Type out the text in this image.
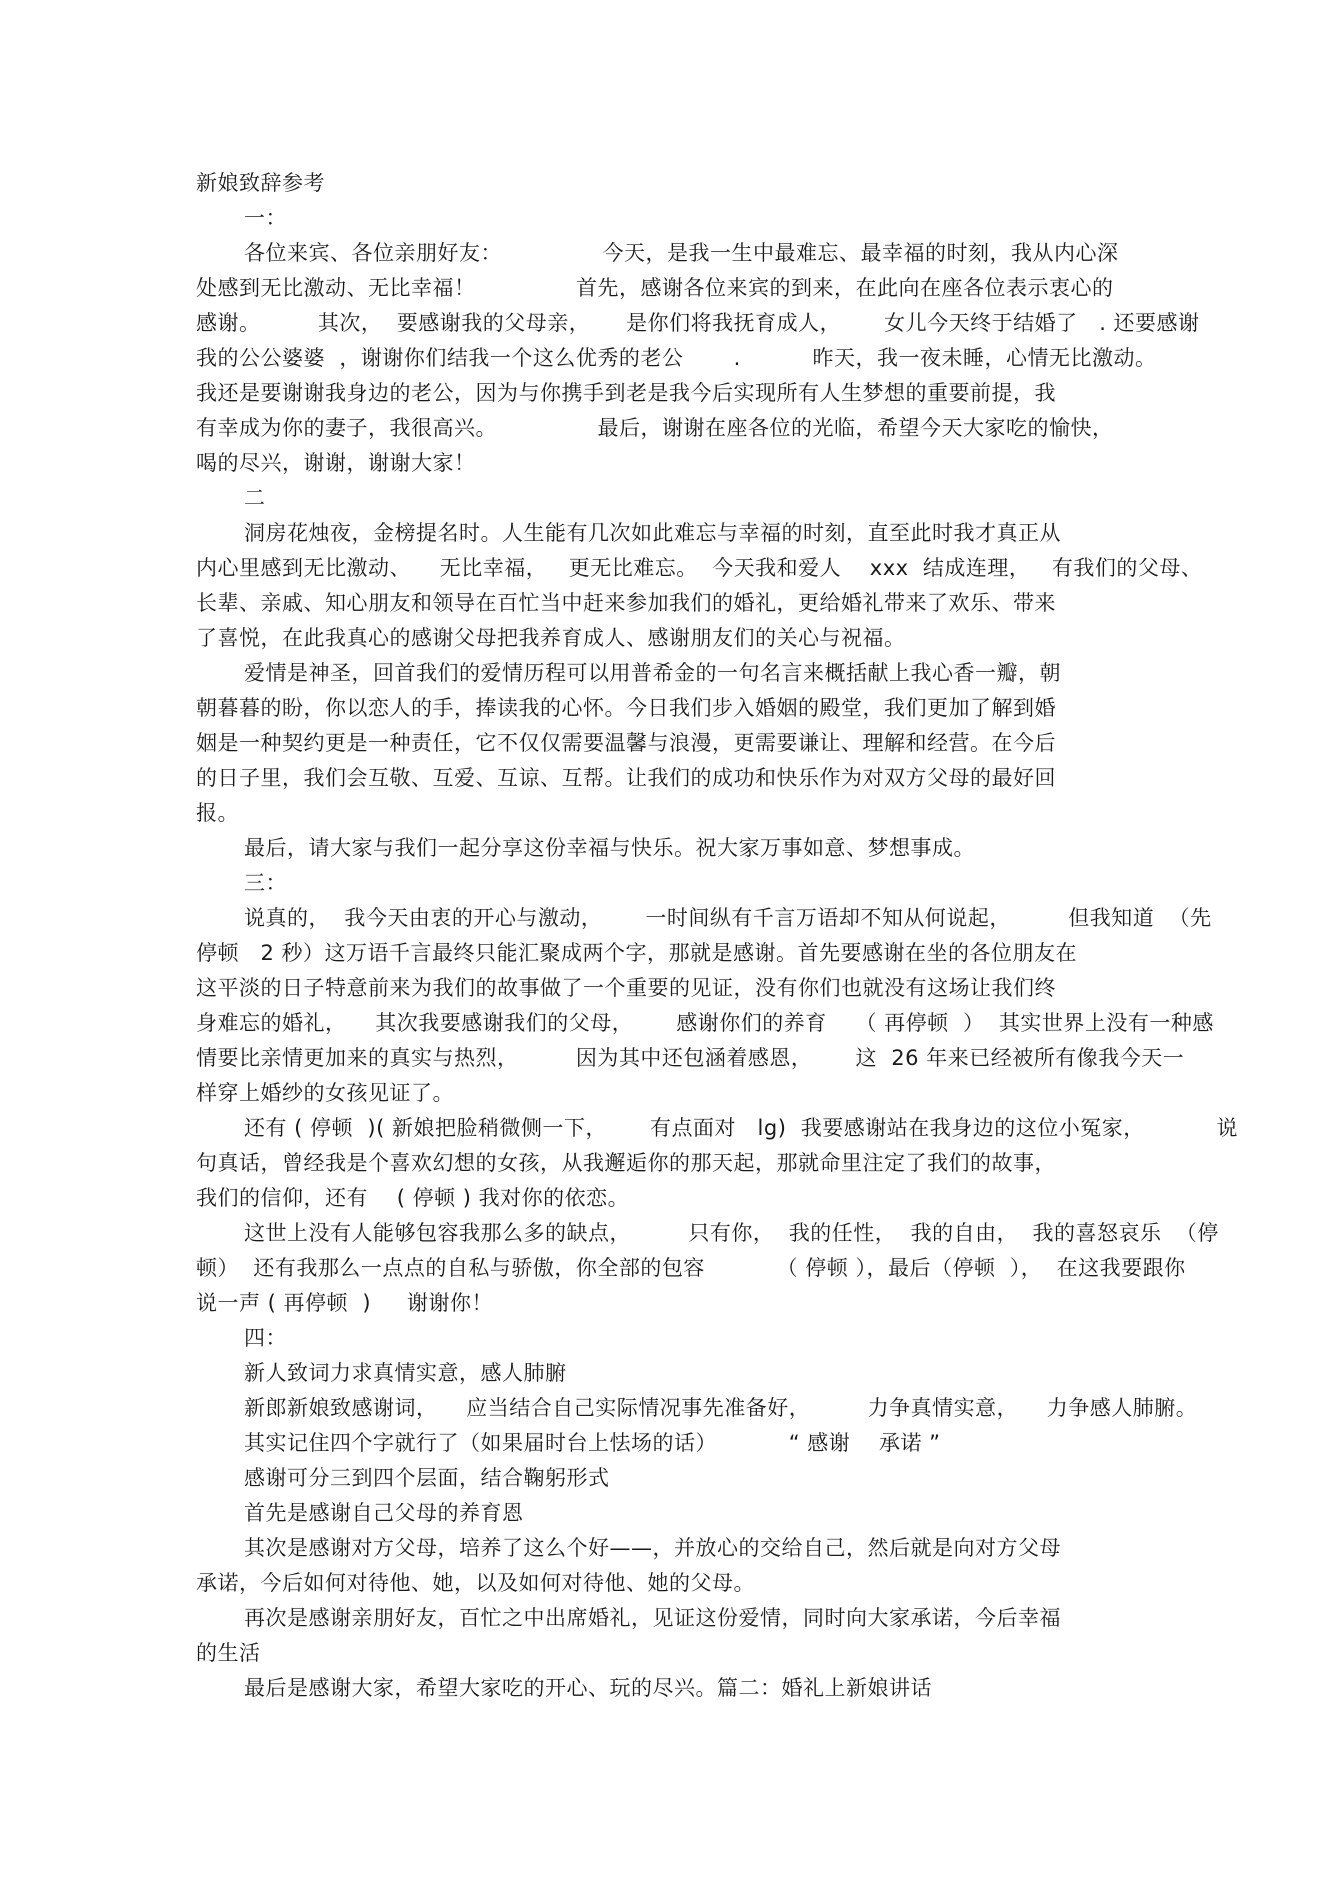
新娘致辞参考
一：
各位来宾、各位亲朋好友：              今天，是我一生中最难忘、最幸福的时刻，我从内心深
处感到无比激动、无比幸福！              首先，感谢各位来宾的到来，在此向在座各位表示衷心的
感谢。        其次，  要感谢我的父母亲，     是你们将我抚育成人，      女儿今天终于结婚了   . 还要感谢
我的公公婆婆  ，谢谢你们结我一个这么优秀的老公       .          昨天，我一夜未睡，心情无比激动。
我还是要谢谢我身边的老公，因为与你携手到老是我今后实现所有人生梦想的重要前提，我
有幸成为你的妻子，我很高兴。              最后，谢谢在座各位的光临，希望今天大家吃的愉快，
喝的尽兴，谢谢，谢谢大家！
二
洞房花烛夜，金榜提名时。人生能有几次如此难忘与幸福的时刻，直至此时我才真正从
内心里感到无比激动、    无比幸福，   更无比难忘。  今天我和爱人    xxx  结成连理，   有我们的父母、
长辈、亲戚、知心朋友和领导在百忙当中赶来参加我们的婚礼，更给婚礼带来了欢乐、带来
了喜悦，在此我真心的感谢父母把我养育成人、感谢朋友们的关心与祝福。
爱情是神圣，回首我们的爱情历程可以用普希金的一句名言来概括献上我心香一瓣，朝
朝暮暮的盼，你以恋人的手，捧读我的心怀。今日我们步入婚姻的殿堂，我们更加了解到婚
姻是一种契约更是一种责任，它不仅仅需要温馨与浪漫，更需要谦让、理解和经营。在今后
的日子里，我们会互敬、互爱、互谅、互帮。让我们的成功和快乐作为对双方父母的最好回
报。
最后，请大家与我们一起分享这份幸福与快乐。祝大家万事如意、梦想事成。
三：
说真的，  我今天由衷的开心与激动，      一时间纵有千言万语却不知从何说起，        但我知道  （先
停顿   2 秒）这万语千言最终只能汇聚成两个字，那就是感谢。首先要感谢在坐的各位朋友在
这平淡的日子特意前来为我们的故事做了一个重要的见证，没有你们也就没有这场让我们终
身难忘的婚礼，    其次我要感谢我们的父母，      感谢你们的养育    （ 再停顿  ）  其实世界上没有一种感
情要比亲情更加来的真实与热烈，        因为其中还包涵着感恩，      这  26 年来已经被所有像我今天一
样穿上婚纱的女孩见证了。
还有 ( 停顿  )( 新娘把脸稍微侧一下，      有点面对   lg)  我要感谢站在我身边的这位小冤家，          说
句真话，曾经我是个喜欢幻想的女孩，从我邂逅你的那天起，那就命里注定了我们的故事，
我们的信仰，还有    ( 停顿 ) 我对你的依恋。
这世上没有人能够包容我那么多的缺点，        只有你，  我的任性，  我的自由，  我的喜怒哀乐  （停
顿）  还有我那么一点点的自私与骄傲，你全部的包容          （ 停顿 ），最后（停顿  ），  在这我要跟你
说一声 ( 再停顿  )     谢谢你！
四：
新人致词力求真情实意，感人肺腑
新郎新娘致感谢词，    应当结合自己实际情况事先准备好，        力争真情实意，    力争感人肺腑。
其实记住四个字就行了（如果届时台上怯场的话）          “ 感谢    承诺 ”
感谢可分三到四个层面，结合鞠躬形式
首先是感谢自己父母的养育恩
其次是感谢对方父母，培养了这么个好——，并放心的交给自己，然后就是向对方父母
承诺，今后如何对待他、她，以及如何对待他、她的父母。
再次是感谢亲朋好友，百忙之中出席婚礼，见证这份爱情，同时向大家承诺，今后幸福
的生活
最后是感谢大家，希望大家吃的开心、玩的尽兴。篇二：婚礼上新娘讲话
